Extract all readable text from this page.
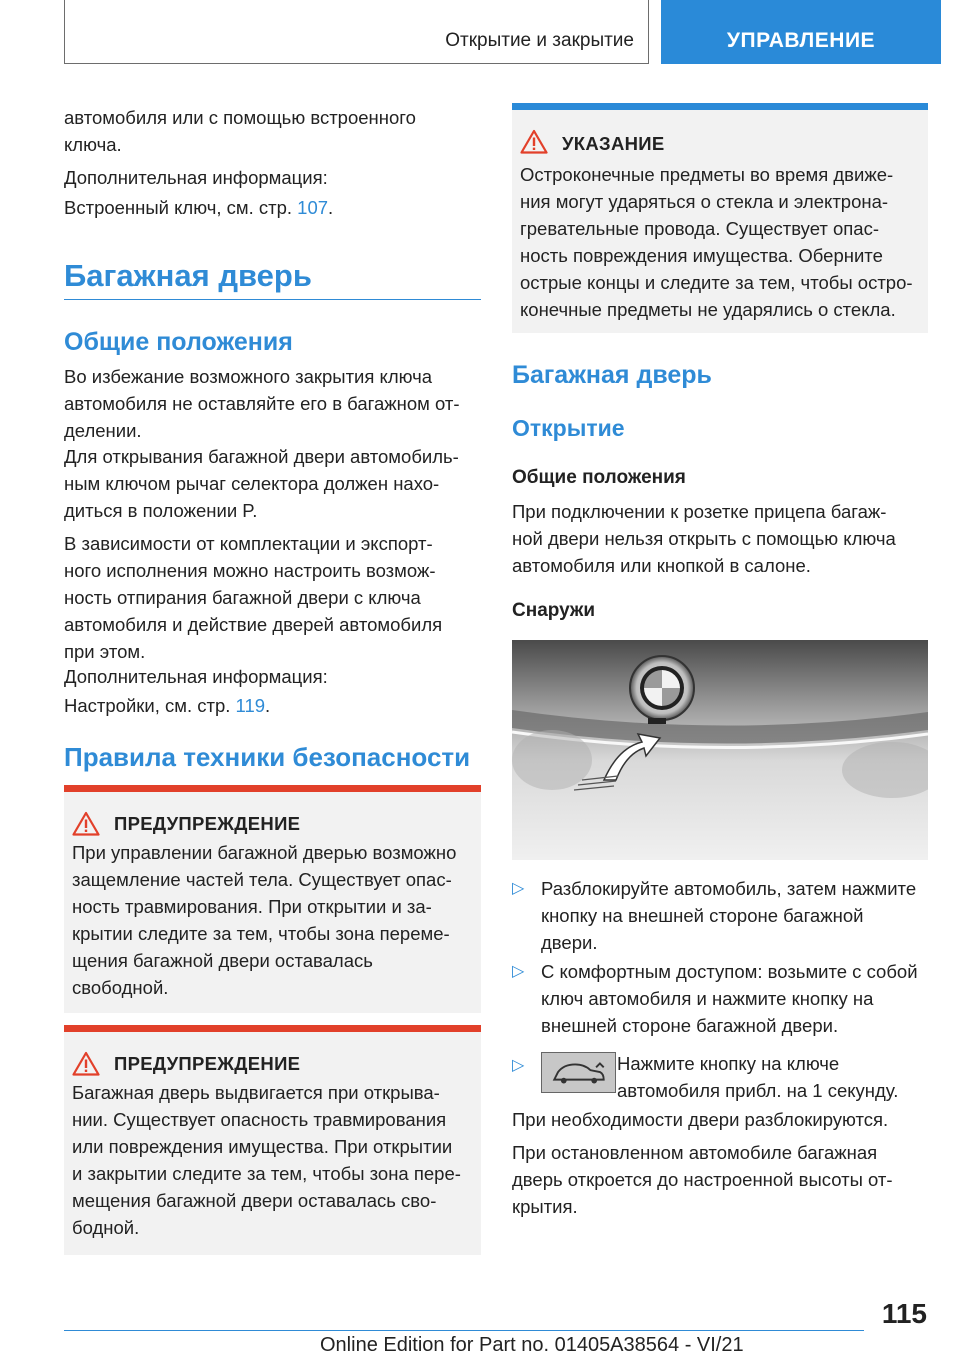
Открытие и закрытие	УПРАВЛЕНИЕ

автомобиля или с помощью встроенного

ключа.

Дополнительная информация:

Встроенный ключ, см. стр. 107.

Багажная дверь
Общие положения

Во избежание возможного закрытия ключа

автомобиля не оставляйте его в багажном от-

делении.

Для открывания багажной двери автомобиль-

ным ключом рычаг селектора должен нахо-

диться в положении P.

В зависимости от комплектации и экспорт-

ного исполнения можно настроить возмож-

ность отпирания багажной двери с ключа

автомобиля и действие дверей автомобиля

при этом.

Дополнительная информация:

Настройки, см. стр. 119.

Правила техники безопасности
ПРЕДУПРЕЖДЕНИЕ

При управлении багажной дверью возможно

защемление частей тела. Существует опас-

ность травмирования. При открытии и за-

крытии следите за тем, чтобы зона переме-

щения багажной двери оставалась

свободной.

ПРЕДУПРЕЖДЕНИЕ

Багажная дверь выдвигается при открыва-

нии. Существует опасность травмирования

или повреждения имущества. При открытии

и закрытии следите за тем, чтобы зона пере-

мещения багажной двери оставалась сво-

бодной.

УКАЗАНИЕ

Остроконечные предметы во время движе-

ния могут ударяться о стекла и электрона-

гревательные провода. Существует опас-

ность повреждения имущества. Оберните

острые концы и следите за тем, чтобы остро-

конечные предметы не ударялись о стекла.

Багажная дверь
Открытие
Общие положения

При подключении к розетке прицепа багаж-

ной двери нельзя открыть с помощью ключа

автомобиля или кнопкой в салоне.

Снаружи
▷ Разблокируйте автомобиль, затем нажмите

кнопку на внешней стороне багажной

двери.

▷ С комфортным доступом: возьмите с собой

ключ автомобиля и нажмите кнопку на

внешней стороне багажной двери.

▷	Нажмите кнопку на ключе

автомобиля прибл. на 1 секунду.

При необходимости двери разблокируются.

При остановленном автомобиле багажная

дверь откроется до настроенной высоты от-

крытия.

115
Online Edition for Part no. 01405A38564 - VI/21
